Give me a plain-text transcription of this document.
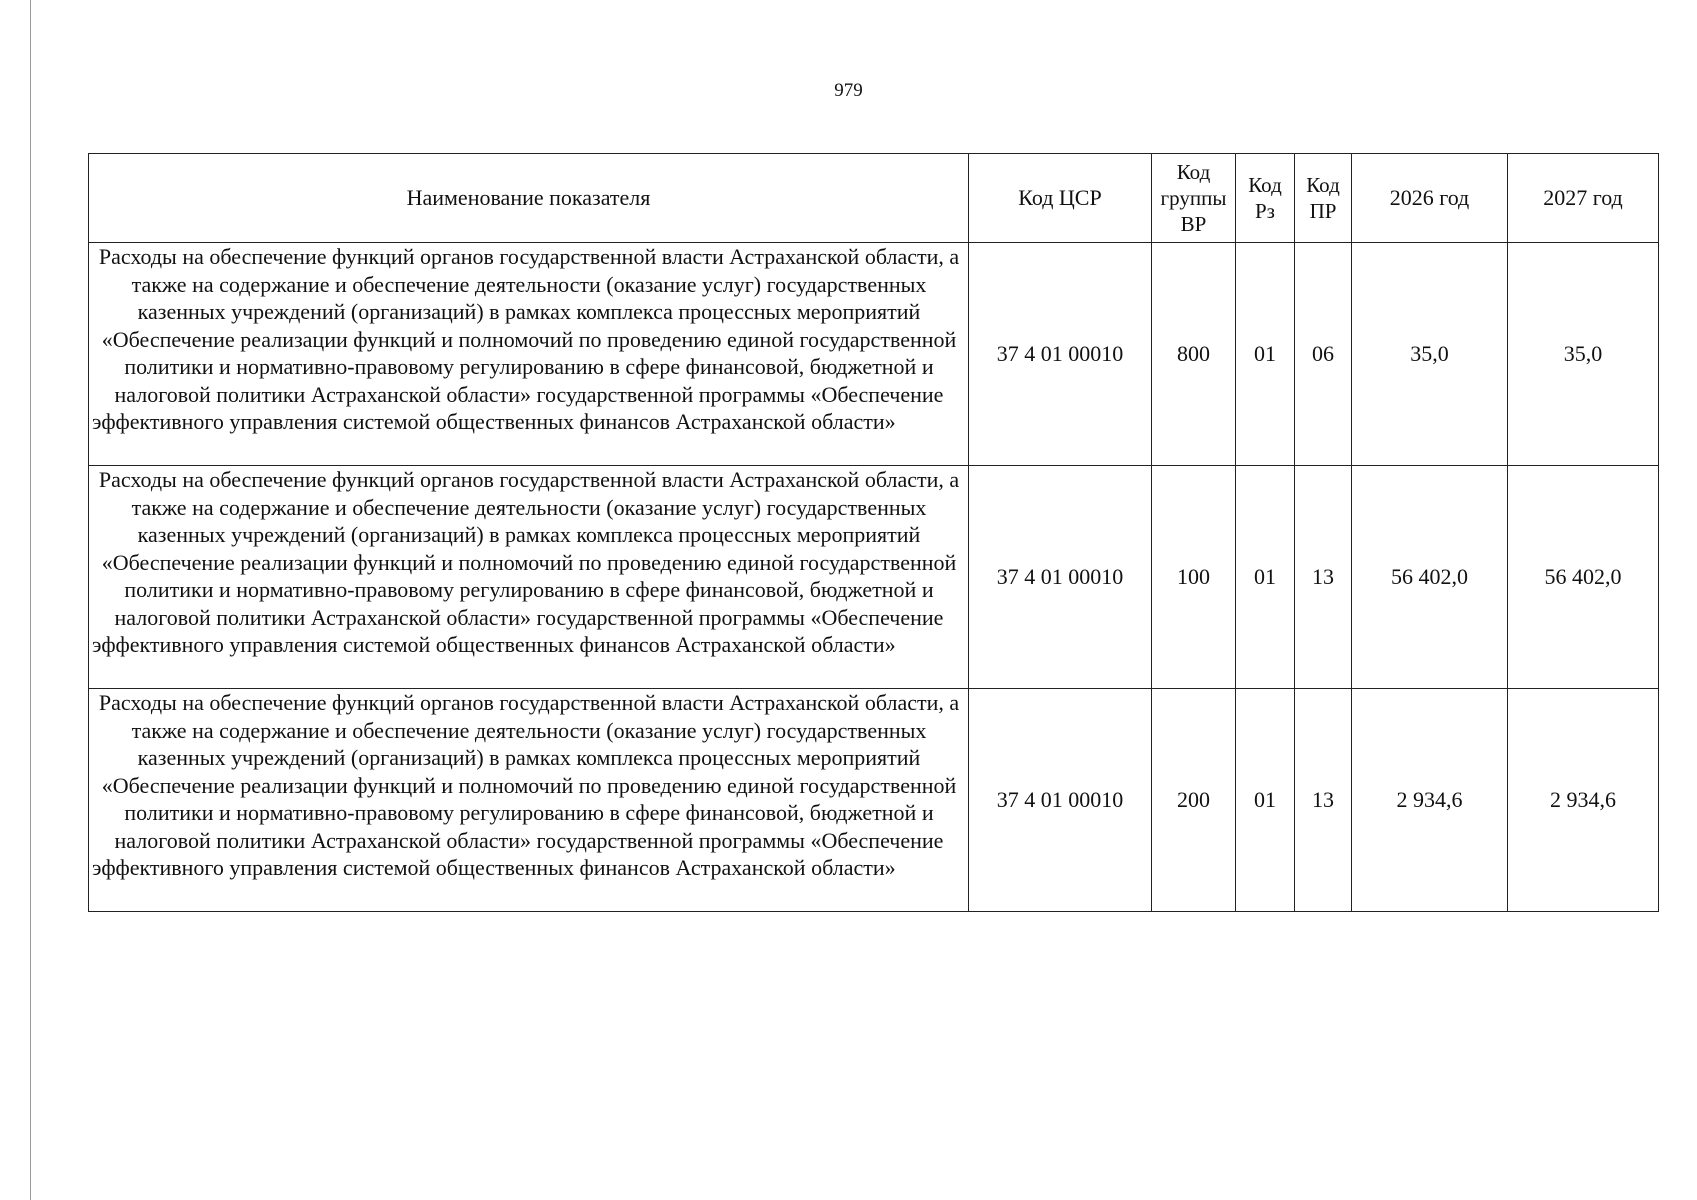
979
Наименование показателя	Код ЦСР	Код группы ВР	Код Рз	Код ПР	2026 год	2027 год
Расходы на обеспечение функций органов государственной власти Астраханской области, а также на содержание и обеспечение деятельности (оказание услуг) государственных казенных учреждений (организаций) в рамках комплекса процессных мероприятий «Обеспечение реализации функций и полномочий по проведению единой государственной политики и нормативно-правовому регулированию в сфере финансовой, бюджетной и налоговой политики Астраханской области» государственной программы «Обеспечение эффективного управления системой общественных финансов Астраханской области»	37 4 01 00010	800	01	06	35,0	35,0
Расходы на обеспечение функций органов государственной власти Астраханской области, а также на содержание и обеспечение деятельности (оказание услуг) государственных казенных учреждений (организаций) в рамках комплекса процессных мероприятий «Обеспечение реализации функций и полномочий по проведению единой государственной политики и нормативно-правовому регулированию в сфере финансовой, бюджетной и налоговой политики Астраханской области» государственной программы «Обеспечение эффективного управления системой общественных финансов Астраханской области»	37 4 01 00010	100	01	13	56 402,0	56 402,0
Расходы на обеспечение функций органов государственной власти Астраханской области, а также на содержание и обеспечение деятельности (оказание услуг) государственных казенных учреждений (организаций) в рамках комплекса процессных мероприятий «Обеспечение реализации функций и полномочий по проведению единой государственной политики и нормативно-правовому регулированию в сфере финансовой, бюджетной и налоговой политики Астраханской области» государственной программы «Обеспечение эффективного управления системой общественных финансов Астраханской области»	37 4 01 00010	200	01	13	2 934,6	2 934,6
